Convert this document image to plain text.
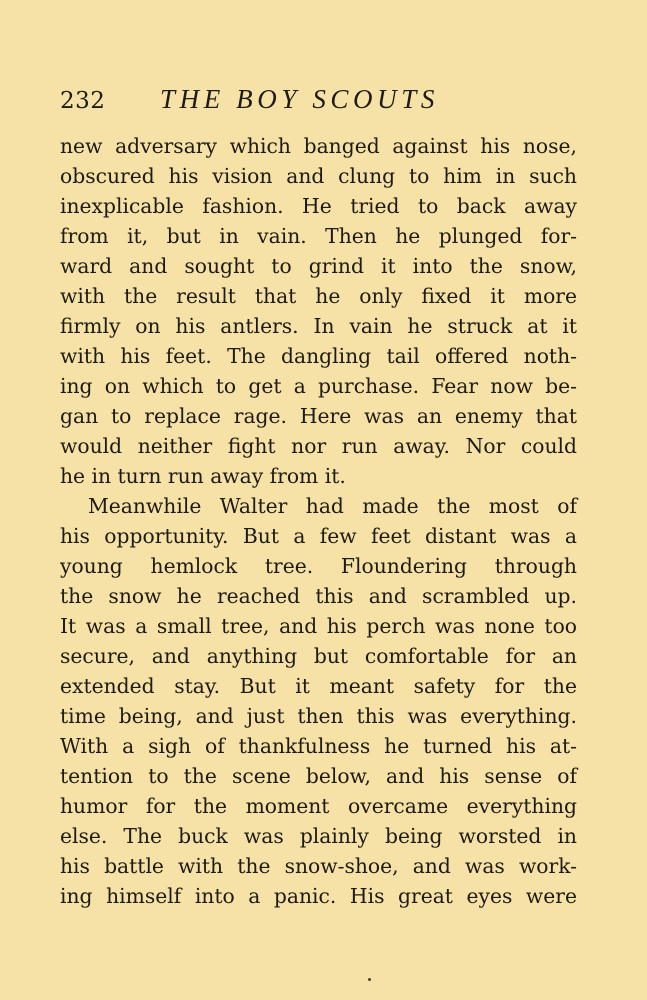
232 THE BOY SCOUTS
new adversary which banged against his nose,
obscured his vision and clung to him in such
inexplicable fashion. He tried to back away
from it, but in vain. Then he plunged for-
ward and sought to grind it into the snow,
with the result that he only fixed it more
firmly on his antlers. In vain he struck at it
with his feet. The dangling tail offered noth-
ing on which to get a purchase. Fear now be-
gan to replace rage. Here was an enemy that
would neither fight nor run away. Nor could
he in turn run away from it.
Meanwhile Walter had made the most of
his opportunity. But a few feet distant was a
young hemlock tree. Floundering through
the snow he reached this and scrambled up.
It was a small tree, and his perch was none too
secure, and anything but comfortable for an
extended stay. But it meant safety for the
time being, and just then this was everything.
With a sigh of thankfulness he turned his at-
tention to the scene below, and his sense of
humor for the moment overcame everything
else. The buck was plainly being worsted in
his battle with the snow-shoe, and was work-
ing himself into a panic. His great eyes were
